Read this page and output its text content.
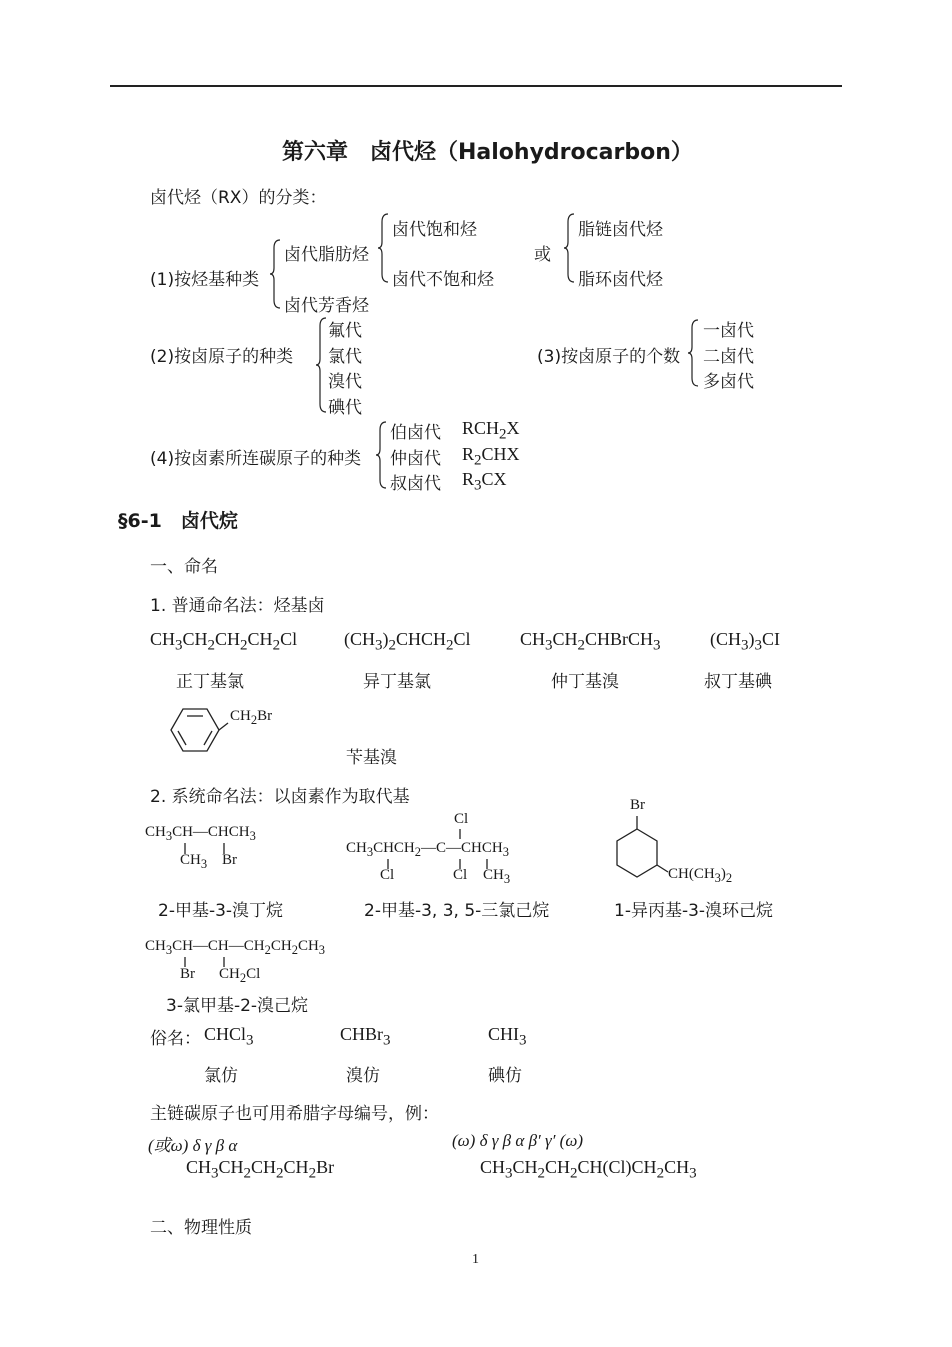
第六章　卤代烃（Halohydrocarbon）
卤代烃（RX）的分类：
(1)按烃基种类
卤代脂肪烃
卤代饱和烃
卤代不饱和烃
或
脂链卤代烃
脂环卤代烃
卤代芳香烃
(2)按卤原子的种类
氟代
氯代
溴代
碘代
(3)按卤原子的个数
一卤代
二卤代
多卤代
(4)按卤素所连碳原子的种类
伯卤代 $RCH_2X$
仲卤代 $R_2CHX$
叔卤代 $R_3CX$
§6-1　卤代烷
一、命名
1. 普通命名法：烃基卤
$CH_3CH_2CH_2CH_2Cl$	$(CH_3)_2CHCH_2Cl$	$CH_3CH_2CHBrCH_3$	$(CH_3)_3CI$
正丁基氯	异丁基氯	仲丁基溴	叔丁基碘
$CH_2Br$
苄基溴
2. 系统命名法：以卤素作为取代基
$CH_3CH—CHCH_3$
$CH_3$ Br
2-甲基-3-溴丁烷
Cl
$CH_3CHCH_2—C—CHCH_3$
Cl	Cl $CH_3$
2-甲基-3, 3, 5-三氯己烷
Br
$CH(CH_3)_2$
1-异丙基-3-溴环己烷
$CH_3CH—CH—CH_2CH_2CH_3$
Br $CH_2Cl$
3-氯甲基-2-溴己烷
俗名： CHCl$_3$	CHBr$_3$	$CHI_3$
氯仿	溴仿	碘仿
主链碳原子也可用希腊字母编号，例：
(或ω) δ γ β α
$CH_3CH_2CH_2CH_2Br$
(ω) δ γ β α β′ γ′ (ω)
$CH_3CH_2CH_2CH(Cl)CH_2CH_3$
二、物理性质
1
